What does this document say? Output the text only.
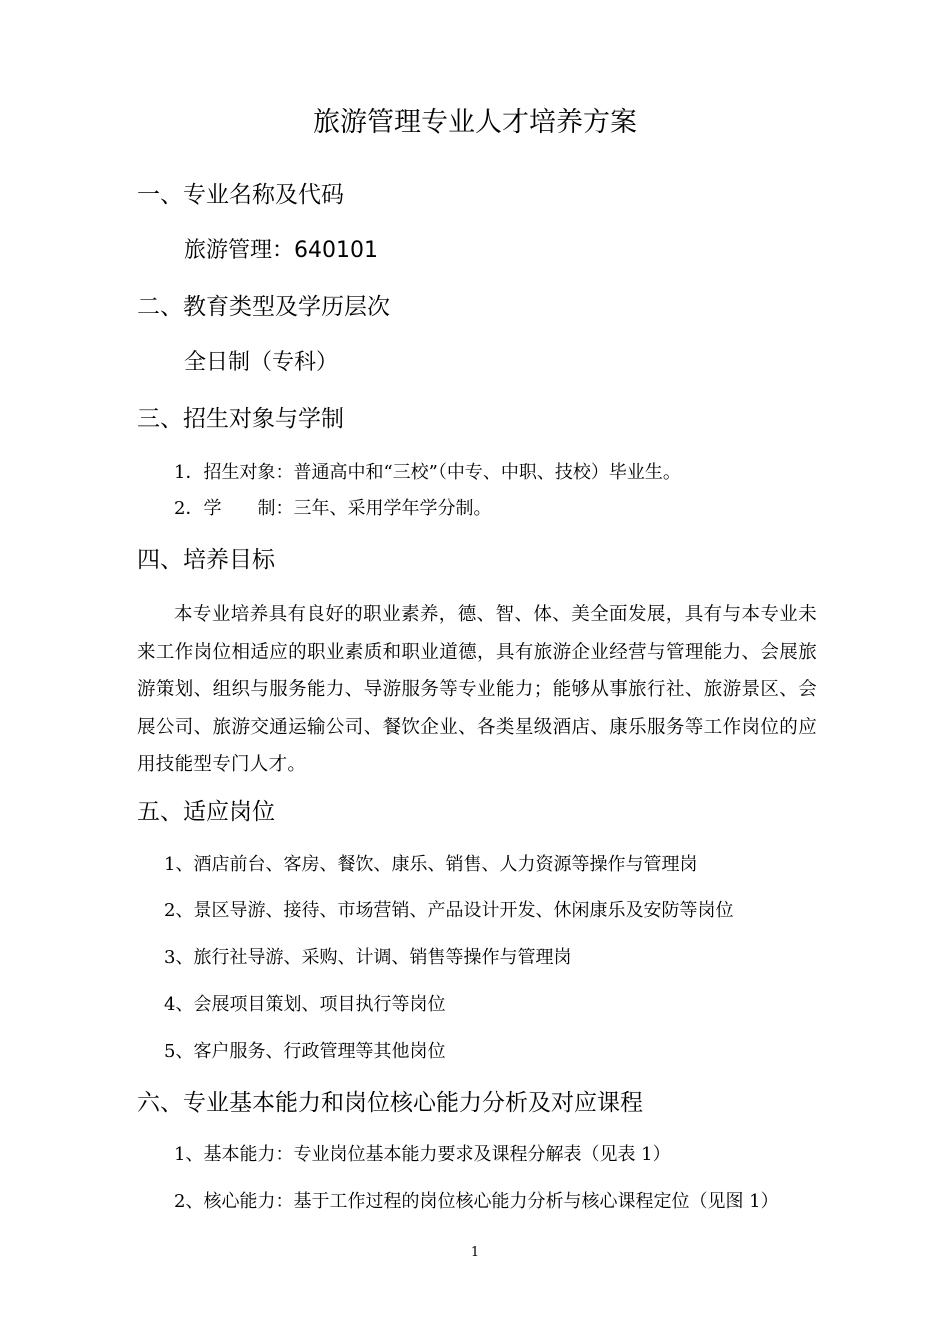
旅游管理专业人才培养方案
一、专业名称及代码
旅游管理：640101
二、教育类型及学历层次
全日制（专科）
三、招生对象与学制
1．招生对象：普通高中和“三校”（中专、中职、技校）毕业生。
2．学　　制：三年、采用学年学分制。
四、培养目标
本专业培养具有良好的职业素养，德、智、体、美全面发展，具有与本专业未来工作岗位相适应的职业素质和职业道德，具有旅游企业经营与管理能力、会展旅游策划、组织与服务能力、导游服务等专业能力；能够从事旅行社、旅游景区、会展公司、旅游交通运输公司、餐饮企业、各类星级酒店、康乐服务等工作岗位的应用技能型专门人才。
五、适应岗位
1、酒店前台、客房、餐饮、康乐、销售、人力资源等操作与管理岗
2、景区导游、接待、市场营销、产品设计开发、休闲康乐及安防等岗位
3、旅行社导游、采购、计调、销售等操作与管理岗
4、会展项目策划、项目执行等岗位
5、客户服务、行政管理等其他岗位
六、专业基本能力和岗位核心能力分析及对应课程
1、基本能力：专业岗位基本能力要求及课程分解表（见表 1）
2、核心能力：基于工作过程的岗位核心能力分析与核心课程定位（见图 1）
1
